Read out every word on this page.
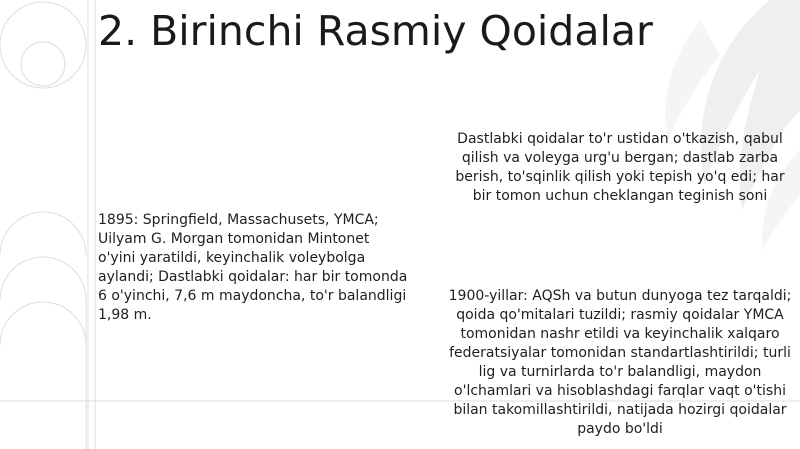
2. Birinchi Rasmiy Qoidalar
1895: Springfield, Massachusets, YMCA; Uilyam G. Morgan tomonidan Mintonet o'yini yaratildi, keyinchalik voleybolga aylandi; Dastlabki qoidalar: har bir tomonda 6 o'yinchi, 7,6 m maydoncha, to'r balandligi 1,98 m.
Dastlabki qoidalar to'r ustidan o'tkazish, qabul qilish va voleyga urg'u bergan; dastlab zarba berish, to'sqinlik qilish yoki tepish yo'q edi; har bir tomon uchun cheklangan teginish soni
1900-yillar: AQSh va butun dunyoga tez tarqaldi; qoida qo'mitalari tuzildi; rasmiy qoidalar YMCA tomonidan nashr etildi va keyinchalik xalqaro federatsiyalar tomonidan standartlashtirildi; turli lig va turnirlarda to'r balandligi, maydon o'lchamlari va hisoblashdagi farqlar vaqt o'tishi bilan takomillashtirildi, natijada hozirgi qoidalar paydo bo'ldi
